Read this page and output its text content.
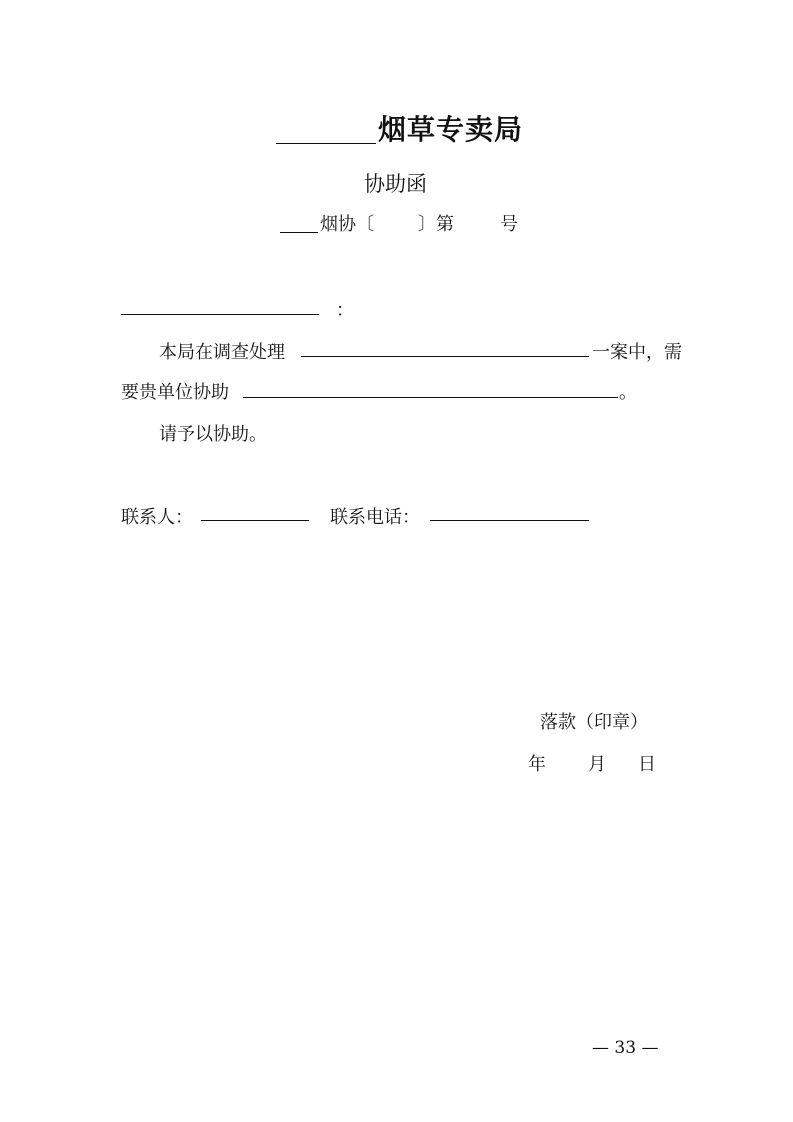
烟草专卖局
协助函
烟协〔 〕第	号
：
本局在调查处理	一案中，需
要贵单位协助	。
请予以协助。
联系人：	联系电话：
落款（印章）
年 月 日
— 33 —
